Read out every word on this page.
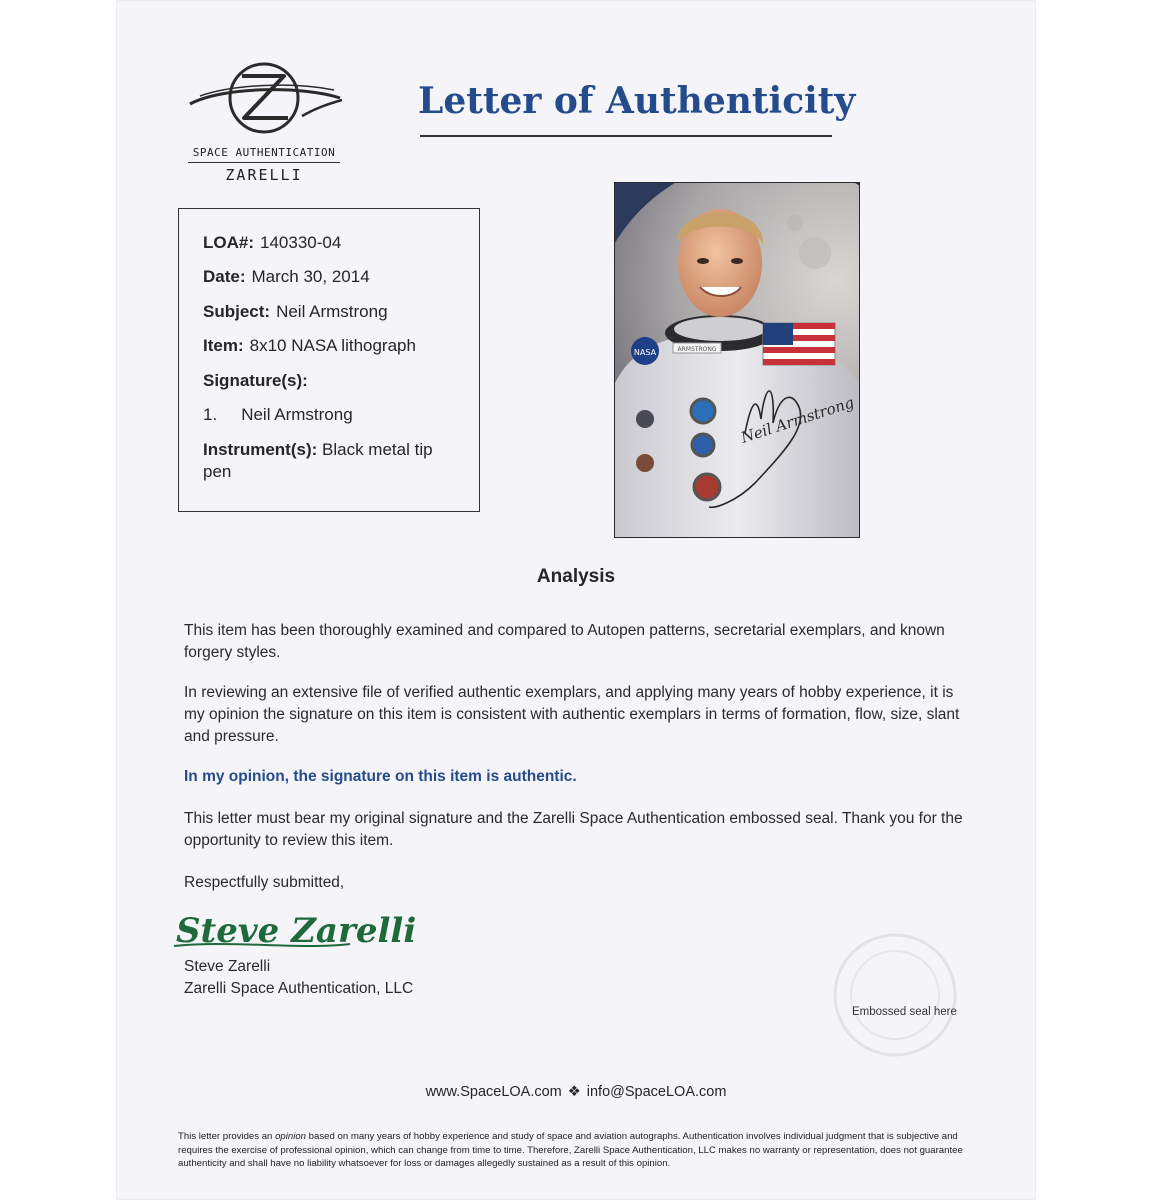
SPACE AUTHENTICATION
ZARELLI
Letter of Authenticity
LOA#: 140330-04
Date: March 30, 2014
Subject: Neil Armstrong
Item: 8x10 NASA lithograph
Signature(s):
1. Neil Armstrong
Instrument(s): Black metal tip pen
NASA	ARMSTRONG
Neil Armstrong
Analysis
This item has been thoroughly examined and compared to Autopen patterns, secretarial exemplars, and known forgery styles.
In reviewing an extensive file of verified authentic exemplars, and applying many years of hobby experience, it is my opinion the signature on this item is consistent with authentic exemplars in terms of formation, flow, size, slant and pressure.
In my opinion, the signature on this item is authentic.
This letter must bear my original signature and the Zarelli Space Authentication embossed seal. Thank you for the opportunity to review this item.
Respectfully submitted,
Steve Zarelli
Steve Zarelli
Zarelli Space Authentication, LLC
Embossed seal here
www.SpaceLOA.com ❖ info@SpaceLOA.com
This letter provides an opinion based on many years of hobby experience and study of space and aviation autographs. Authentication involves individual judgment that is subjective and requires the exercise of professional opinion, which can change from time to time. Therefore, Zarelli Space Authentication, LLC makes no warranty or representation, does not guarantee authenticity and shall have no liability whatsoever for loss or damages allegedly sustained as a result of this opinion.
